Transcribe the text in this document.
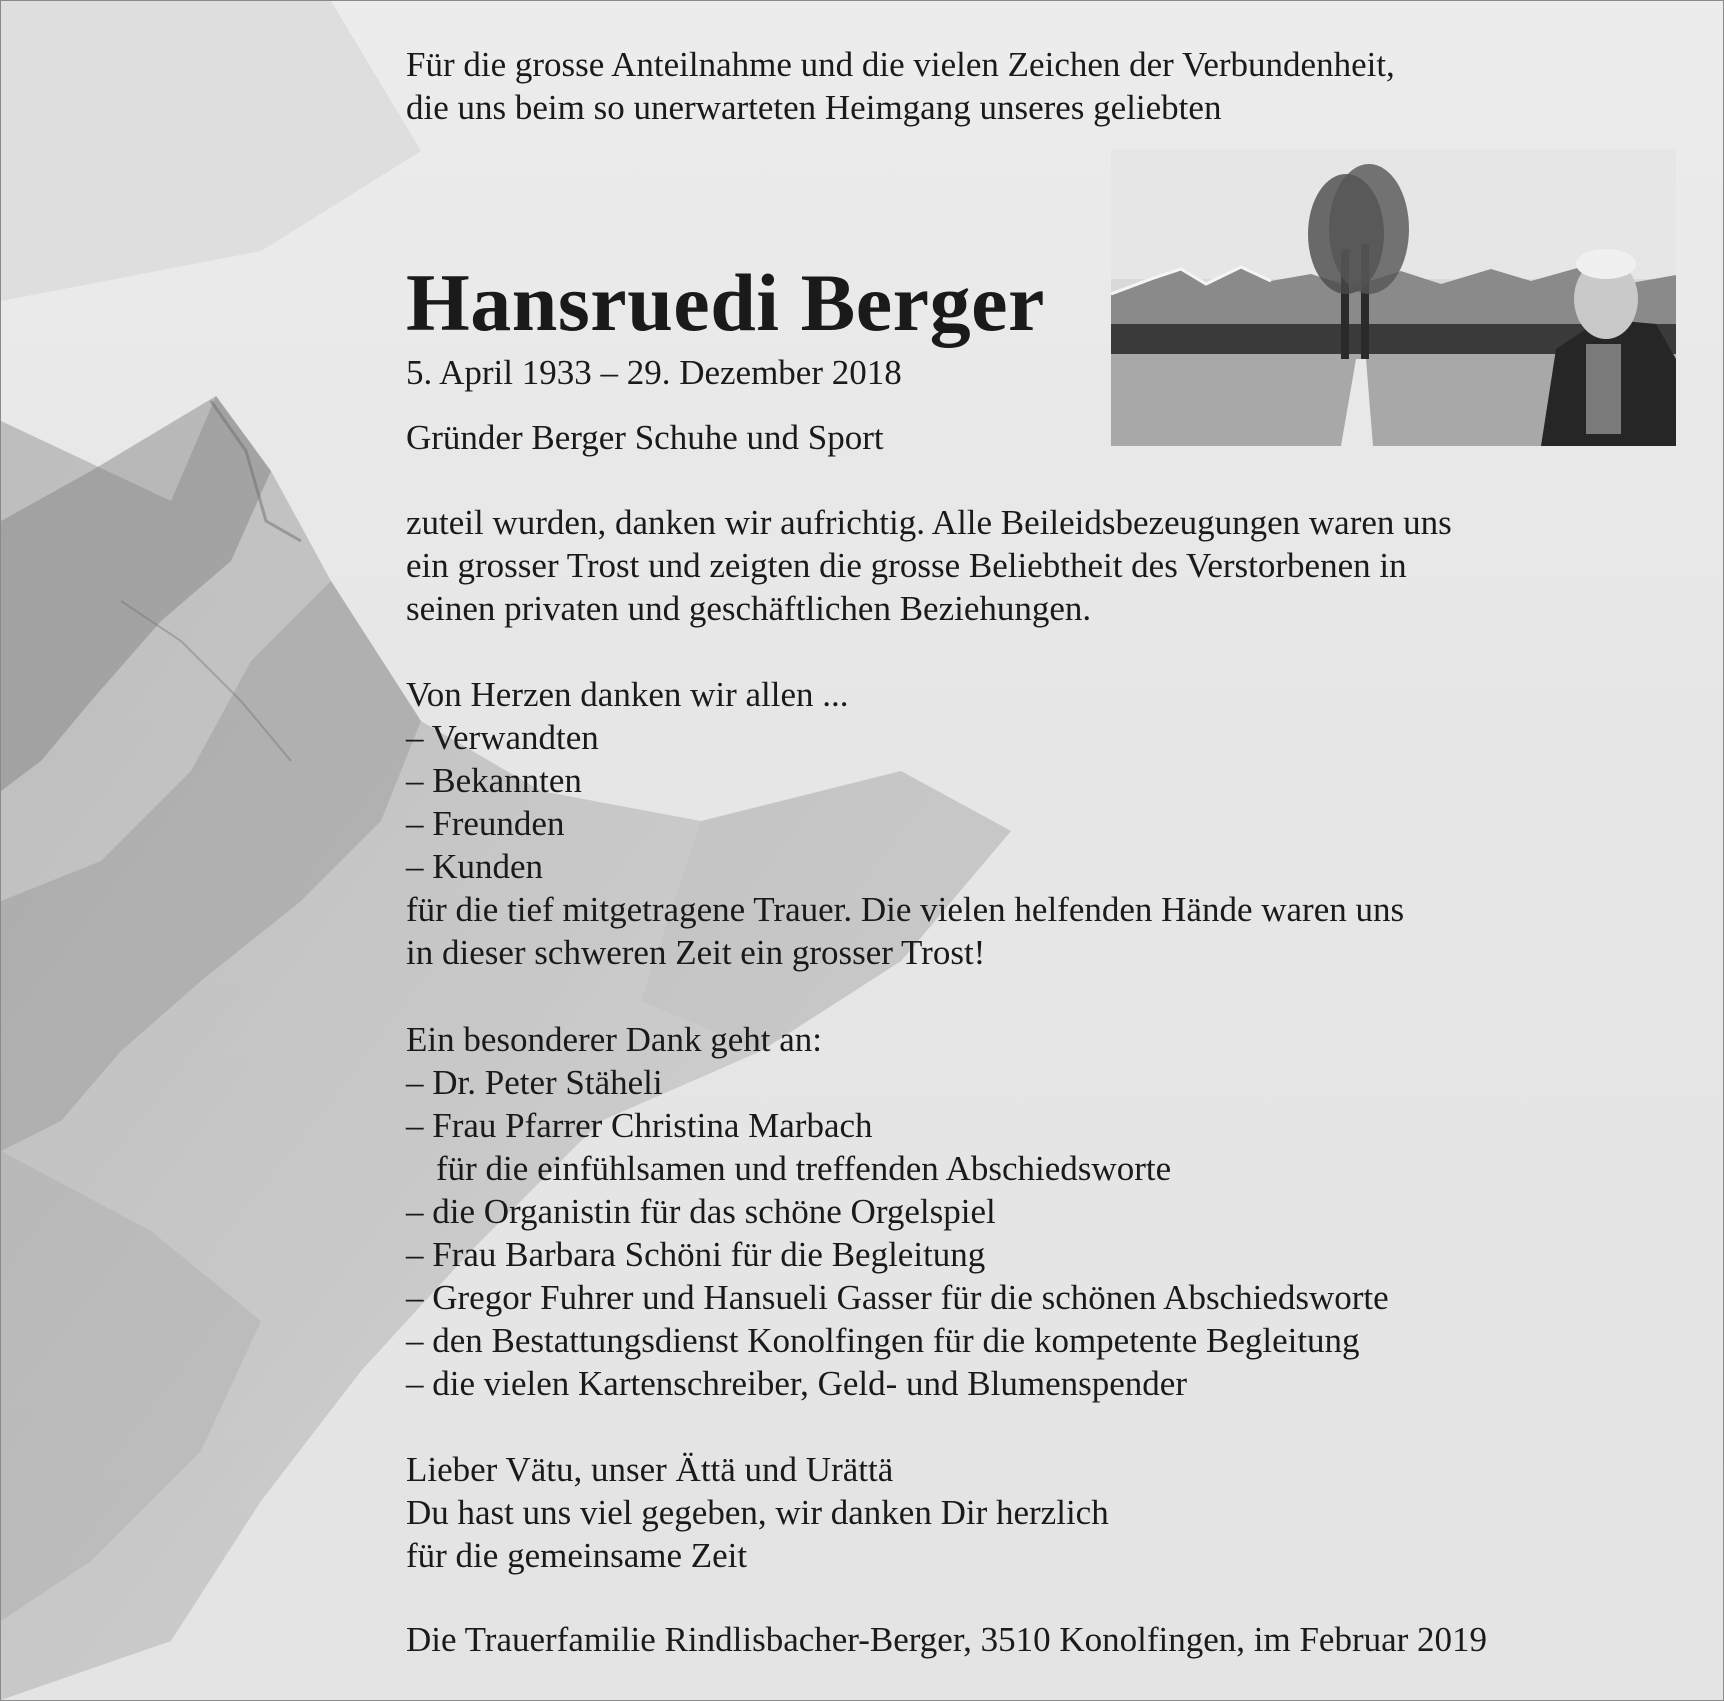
Für die grosse Anteilnahme und die vielen Zeichen der Verbundenheit,

die uns beim so unerwarteten Heimgang unseres geliebten

Hansruedi Berger
5. April 1933 – 29. Dezember 2018
Gründer Berger Schuhe und Sport

zuteil wurden, danken wir aufrichtig. Alle Beileidsbezeugungen waren uns

ein grosser Trost und zeigten die grosse Beliebtheit des Verstorbenen in

seinen privaten und geschäftlichen Beziehungen.

Von Herzen danken wir allen ...

– Verwandten

– Bekannten

– Freunden

– Kunden

für die tief mitgetragene Trauer. Die vielen helfenden Hände waren uns

in dieser schweren Zeit ein grosser Trost!

Ein besonderer Dank geht an:

– Dr. Peter Stäheli

– Frau Pfarrer Christina Marbach

für die einfühlsamen und treffenden Abschiedsworte

– die Organistin für das schöne Orgelspiel

– Frau Barbara Schöni für die Begleitung

– Gregor Fuhrer und Hansueli Gasser für die schönen Abschiedsworte

– den Bestattungsdienst Konolfingen für die kompetente Begleitung

– die vielen Kartenschreiber, Geld- und Blumenspender

Lieber Vätu, unser Ättä und Urättä

Du hast uns viel gegeben, wir danken Dir herzlich

für die gemeinsame Zeit

Die Trauerfamilie Rindlisbacher-Berger, 3510 Konolfingen, im Februar 2019
